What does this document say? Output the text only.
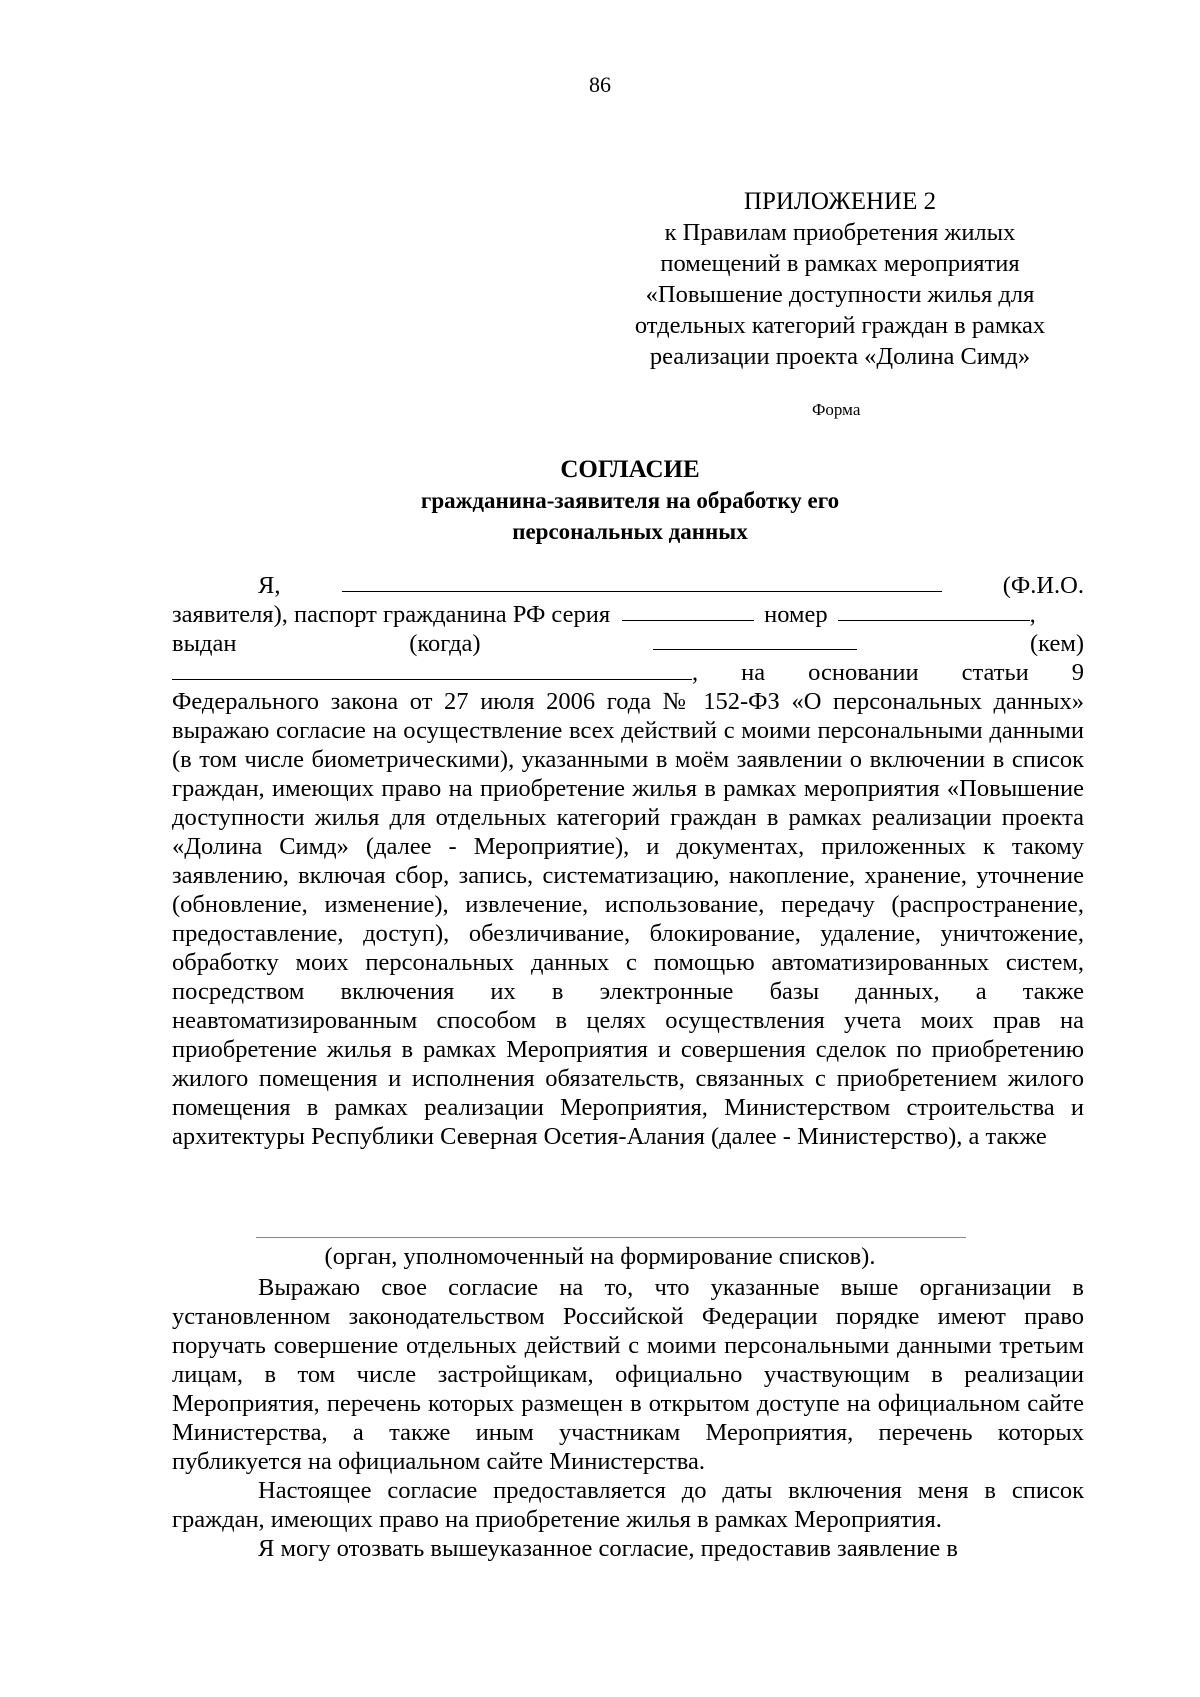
86
ПРИЛОЖЕНИЕ 2
к Правилам приобретения жилых
помещений в рамках мероприятия
«Повышение доступности жилья для
отдельных категорий граждан в рамках
реализации проекта «Долина Симд»
Форма
СОГЛАСИЕ
гражданина-заявителя на обработку его
персональных данных
Я,	(Ф.И.О.
заявителя), паспорт гражданина РФ серия	номер	,
выдан	(когда)	(кем)
, на основании статьи 9
Федерального закона от 27 июля 2006 года № 152-ФЗ «О персональных данных» выражаю согласие на осуществление всех действий с моими персональными данными (в том числе биометрическими), указанными в моём заявлении о включении в список граждан, имеющих право на приобретение жилья в рамках мероприятия «Повышение доступности жилья для отдельных категорий граждан в рамках реализации проекта «Долина Симд» (далее - Мероприятие), и документах, приложенных к такому заявлению, включая сбор, запись, систематизацию, накопление, хранение, уточнение (обновление, изменение), извлечение, использование, передачу (распространение, предоставление, доступ), обезличивание, блокирование, удаление, уничтожение, обработку моих персональных данных с помощью автоматизированных систем, посредством включения их в электронные базы данных, а также неавтоматизированным способом в целях осуществления учета моих прав на приобретение жилья в рамках Мероприятия и совершения сделок по приобретению жилого помещения и исполнения обязательств, связанных с приобретением жилого помещения в рамках реализации Мероприятия, Министерством строительства и архитектуры Республики Северная Осетия-Алания (далее - Министерство), а также
(орган, уполномоченный на формирование списков).
Выражаю свое согласие на то, что указанные выше организации в установленном законодательством Российской Федерации порядке имеют право поручать совершение отдельных действий с моими персональными данными третьим лицам, в том числе застройщикам, официально участвующим в реализации Мероприятия, перечень которых размещен в открытом доступе на официальном сайте Министерства, а также иным участникам Мероприятия, перечень которых публикуется на официальном сайте Министерства.
Настоящее согласие предоставляется до даты включения меня в список граждан, имеющих право на приобретение жилья в рамках Мероприятия.
Я могу отозвать вышеуказанное согласие, предоставив заявление в
